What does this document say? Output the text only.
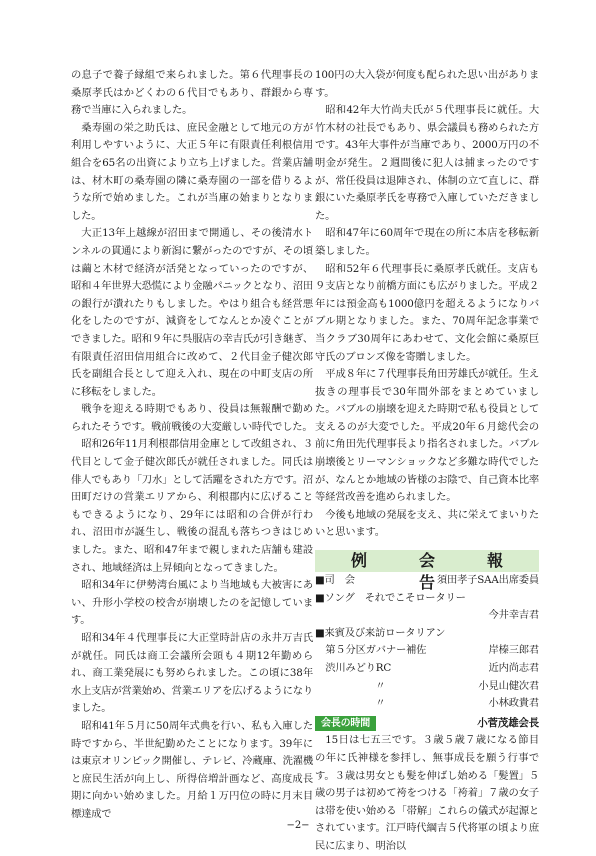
の息子で養子縁組で来られました。第６代理事長の桑原孝氏はかどくわの６代目でもあり、群銀から専務で当庫に入られました。

桑寿園の栄之助氏は、庶民金融として地元の方が利用しやすいように、大正５年に有限責任利根信用組合を65名の出資により立ち上げました。営業店舗は、材木町の桑寿園の隣に桑寿園の一部を借りるような所で始めました。これが当庫の始まりとなりました。

大正13年上越線が沼田まで開通し、その後清水トンネルの貫通により新潟に繋がったのですが、その頃は繭と木材で経済が活発となっていったのですが、昭和４年世界大恐慌により金融パニックとなり、沼田の銀行が潰れたりもしました。やはり組合も経営悪化をしたのですが、減資をしてなんとか凌ぐことができました。昭和９年に呉服店の幸吉氏が引き継ぎ、有限責任沼田信用組合に改めて、２代目金子健次郎氏を副組合長として迎え入れ、現在の中町支店の所に移転をしました。

戦争を迎える時期でもあり、役員は無報酬で勤められたそうです。戦前戦後の大変厳しい時代でした。

昭和26年11月利根郡信用金庫として改組され、３代目として金子健次郎氏が就任されました。同氏は俳人でもあり「刀水」として活躍をされた方です。沼田町だけの営業エリアから、利根郡内に広げることもできるようになり、29年には昭和の合併が行われ、沼田市が誕生し、戦後の混乱も落ちつきはじめました。また、昭和47年まで親しまれた店舗も建設され、地域経済は上昇傾向となってきました。

昭和34年に伊勢湾台風により当地域も大被害にあい、升形小学校の校舎が崩壊したのを記憶しています。

昭和34年４代理事長に大正堂時計店の永井万吉氏が就任。同氏は商工会議所会頭も４期12年勤められ、商工業発展にも努められました。この頃に38年水上支店が営業始め、営業エリアを広げるようになりました。

昭和41年５月に50周年式典を行い、私も入庫した時ですから、半世紀勤めたことになります。39年には東京オリンピック開催し、テレビ、冷蔵庫、洗濯機と庶民生活が向上し、所得倍増計画など、高度成長期に向かい始めました。月給１万円位の時に月末目標達成で

100円の大入袋が何度も配られた思い出があります。

昭和42年大竹尚夫氏が５代理事長に就任。大竹木材の社長でもあり、県会議員も務められた方です。43年大事件が当庫であり、2000万円の不明金が発生。２週間後に犯人は捕まったのですが、常任役員は退陣され、体制の立て直しに、群銀にいた桑原孝氏を専務で入庫していただきました。

昭和47年に60周年で現在の所に本店を移転新築しました。

昭和52年６代理事長に桑原孝氏就任。支店も９支店となり前橋方面にも広がりました。平成２年には預金高も1000億円を超えるようになりバブル期となりました。また、70周年記念事業で当クラブ30周年にあわせて、文化会館に桑原巨守氏のブロンズ像を寄贈しました。

平成８年に７代理事長角田芳雄氏が就任。生え抜きの理事長で30年間外部をまとめていました。バブルの崩壊を迎えた時期で私も役員として支えるのが大変でした。平成20年６月総代会の前に角田先代理事長より指名されました。バブル崩壊後とリーマンショックなど多難な時代でしたが、なんとか地域の皆様のお陰で、自己資本比率等経営改善を進められました。

今後も地域の発展を支え、共に栄えてまいりたいと思います。

例　会　報　告
■司　会	須田孝子SAA出席委員
■ソング　それでこそロータリー
今井幸吉君
■来賓及び来訪ロータリアン
第５分区ガバナー補佐	岸榛三郎君
渋川みどりRC	近内尚志君
〃	小見山健次君
〃	小林政貴君
会長の時間	小菅茂雄会長

15日は七五三です。３歳５歳７歳になる節目の年に氏神様を参拝し、無事成長を願う行事です。３歳は男女とも髪を伸ばし始める「髪置」５歳の男子は初めて袴をつける「袴着」７歳の女子は帯を使い始める「帯解」これらの儀式が起源とされています。江戸時代綱吉５代将軍の頃より庶民に広まり、明治以

−2−
